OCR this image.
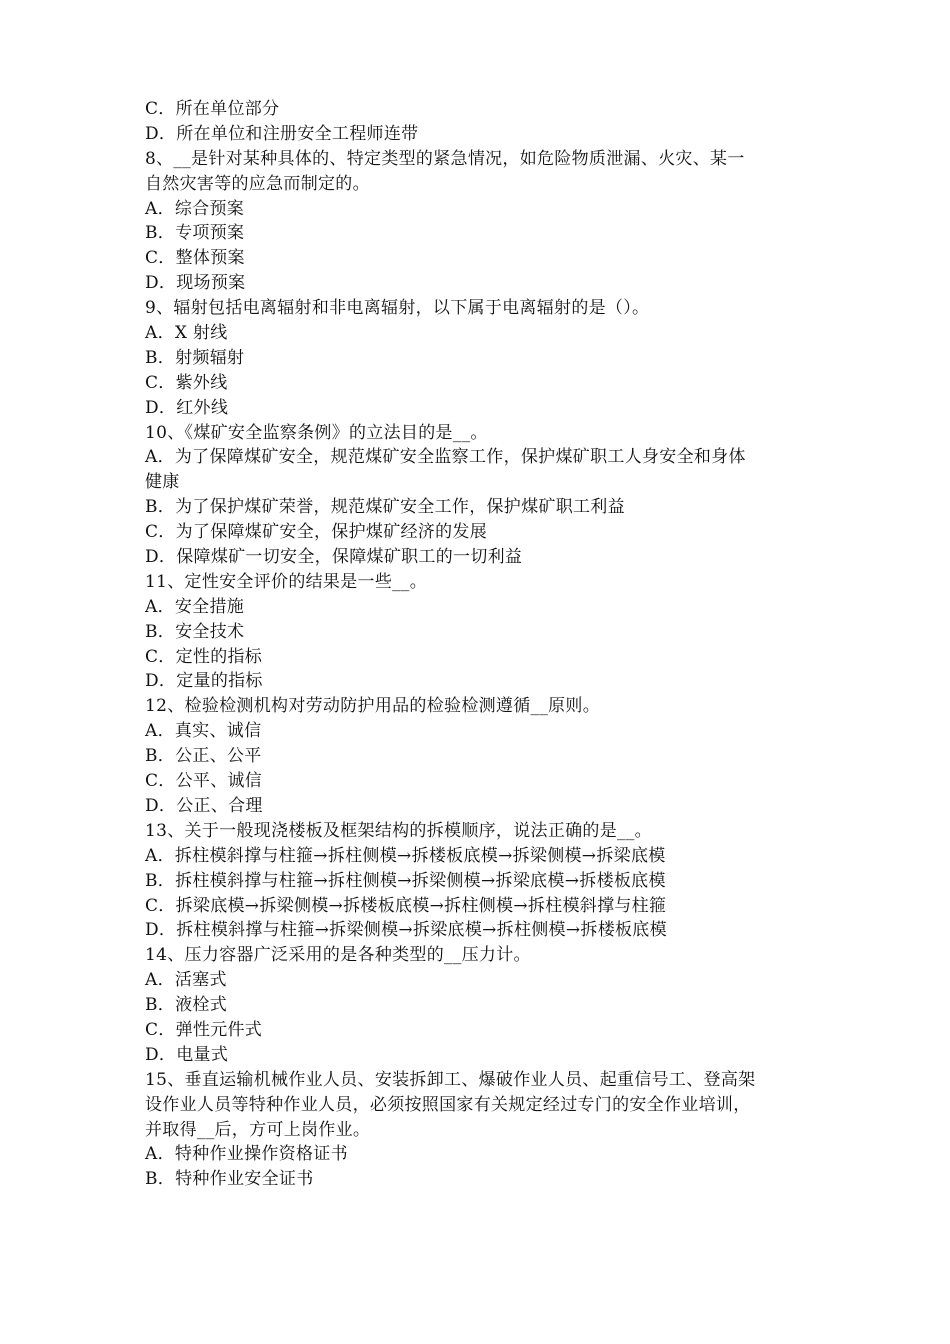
C．所在单位部分
D．所在单位和注册安全工程师连带
8、__是针对某种具体的、特定类型的紧急情况，如危险物质泄漏、火灾、某一
自然灾害等的应急而制定的。
A．综合预案
B．专项预案
C．整体预案
D．现场预案
9、辐射包括电离辐射和非电离辐射，以下属于电离辐射的是（）。
A．X 射线
B．射频辐射
C．紫外线
D．红外线
10、《煤矿安全监察条例》的立法目的是__。
A．为了保障煤矿安全，规范煤矿安全监察工作，保护煤矿职工人身安全和身体
健康
B．为了保护煤矿荣誉，规范煤矿安全工作，保护煤矿职工利益
C．为了保障煤矿安全，保护煤矿经济的发展
D．保障煤矿一切安全，保障煤矿职工的一切利益
11、定性安全评价的结果是一些__。
A．安全措施
B．安全技术
C．定性的指标
D．定量的指标
12、检验检测机构对劳动防护用品的检验检测遵循__原则。
A．真实、诚信
B．公正、公平
C．公平、诚信
D．公正、合理
13、关于一般现浇楼板及框架结构的拆模顺序，说法正确的是__。
A．拆柱模斜撑与柱箍→拆柱侧模→拆楼板底模→拆梁侧模→拆梁底模
B．拆柱模斜撑与柱箍→拆柱侧模→拆梁侧模→拆梁底模→拆楼板底模
C．拆梁底模→拆梁侧模→拆楼板底模→拆柱侧模→拆柱模斜撑与柱箍
D．拆柱模斜撑与柱箍→拆梁侧模→拆梁底模→拆柱侧模→拆楼板底模
14、压力容器广泛采用的是各种类型的__压力计。
A．活塞式
B．液栓式
C．弹性元件式
D．电量式
15、垂直运输机械作业人员、安装拆卸工、爆破作业人员、起重信号工、登高架
设作业人员等特种作业人员，必须按照国家有关规定经过专门的安全作业培训，
并取得__后，方可上岗作业。
A．特种作业操作资格证书
B．特种作业安全证书
